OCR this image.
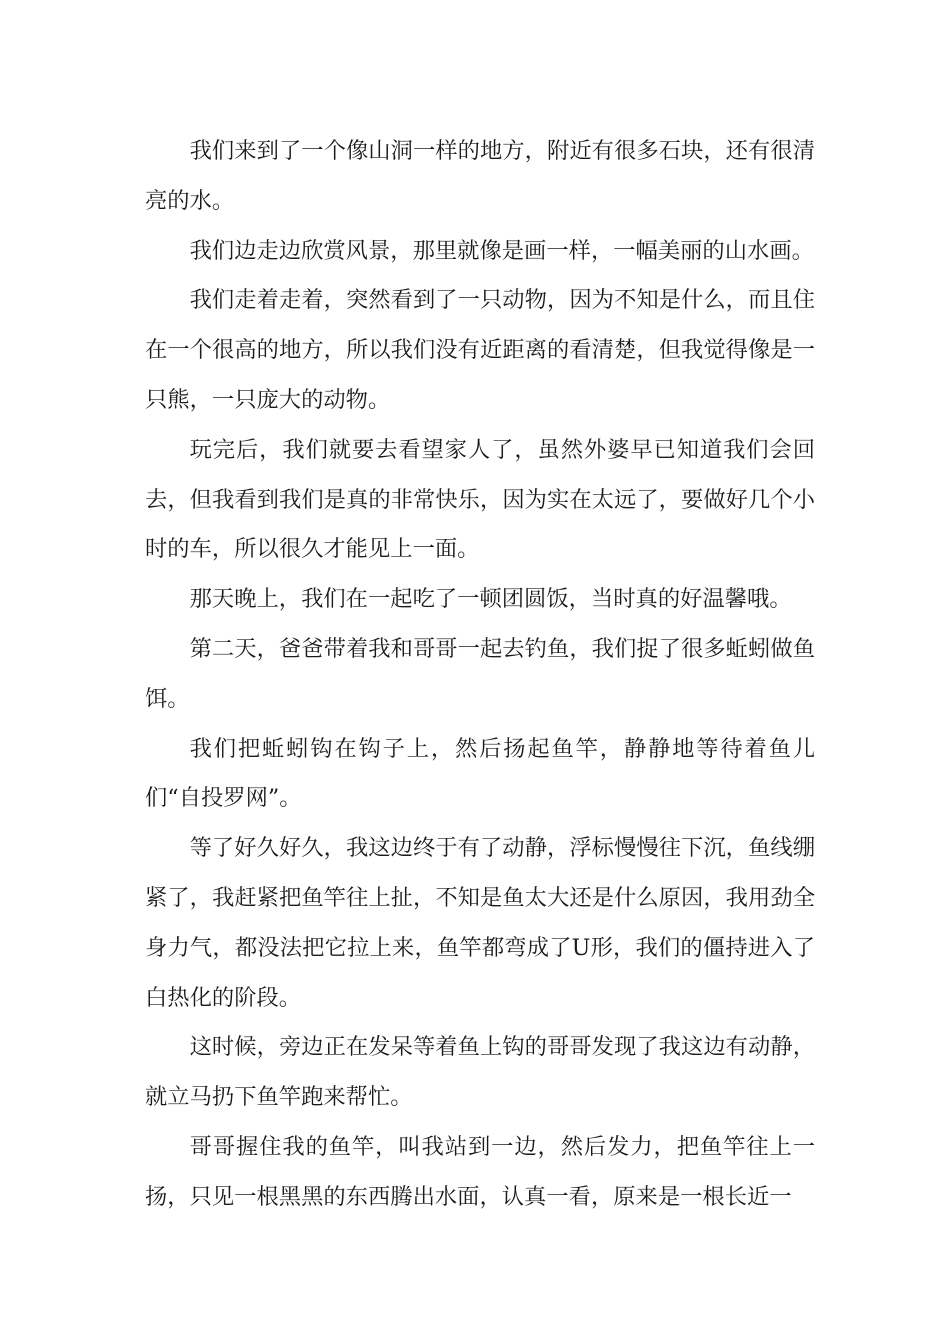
我们来到了一个像山洞一样的地方，附近有很多石块，还有很清亮的水。

我们边走边欣赏风景，那里就像是画一样，一幅美丽的山水画。

我们走着走着，突然看到了一只动物，因为不知是什么，而且住在一个很高的地方，所以我们没有近距离的看清楚，但我觉得像是一只熊，一只庞大的动物。

玩完后，我们就要去看望家人了，虽然外婆早已知道我们会回去，但我看到我们是真的非常快乐，因为实在太远了，要做好几个小时的车，所以很久才能见上一面。

那天晚上，我们在一起吃了一顿团圆饭，当时真的好温馨哦。

第二天，爸爸带着我和哥哥一起去钓鱼，我们捉了很多蚯蚓做鱼饵。

我们把蚯蚓钩在钩子上，然后扬起鱼竿，静静地等待着鱼儿们“自投罗网”。

等了好久好久，我这边终于有了动静，浮标慢慢往下沉，鱼线绷紧了，我赶紧把鱼竿往上扯，不知是鱼太大还是什么原因，我用劲全身力气，都没法把它拉上来，鱼竿都弯成了U形，我们的僵持进入了白热化的阶段。

这时候，旁边正在发呆等着鱼上钩的哥哥发现了我这边有动静，就立马扔下鱼竿跑来帮忙。

哥哥握住我的鱼竿，叫我站到一边，然后发力，把鱼竿往上一扬，只见一根黑黑的东西腾出水面，认真一看，原来是一根长近一
